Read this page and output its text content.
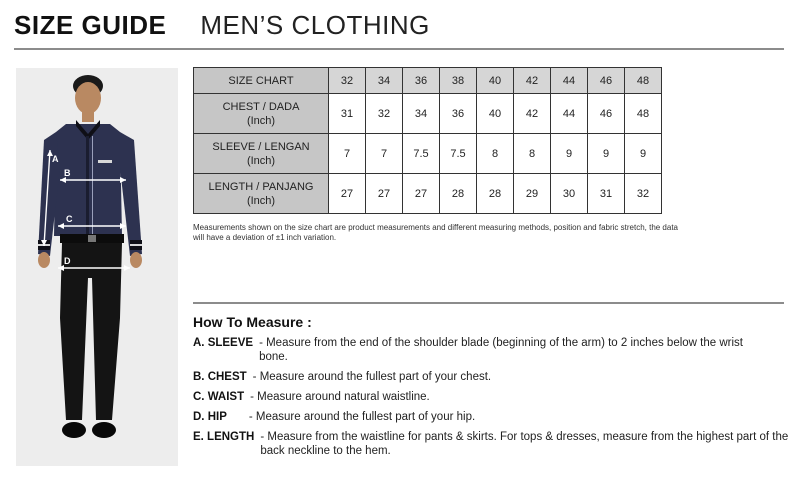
SIZE GUIDE MEN’S CLOTHING
A
B
C
D
SIZE CHART	32	34	36	38	40	42	44	46	48

CHEST / DADA
(Inch)	31	32	34	36	40	42	44	46	48

SLEEVE / LENGAN
(Inch)	7	7	7.5	7.5	8	8	9	9	9

LENGTH / PANJANG
(Inch)	27	27	27	28	28	29	30	31	32
Measurements shown on the size chart are product measurements and different measuring methods, position and fabric stretch, the data will have a deviation of ±1 inch variation.
How To Measure :
A. SLEEVE - Measure from the end of the shoulder blade (beginning of the arm) to 2 inches below the wrist bone.
B. CHEST - Measure around the fullest part of your chest.
C. WAIST - Measure around natural waistline.
D. HIP - Measure around the fullest part of your hip.
E. LENGTH - Measure from the waistline for pants & skirts. For tops & dresses, measure from the highest part of the back neckline to the hem.
